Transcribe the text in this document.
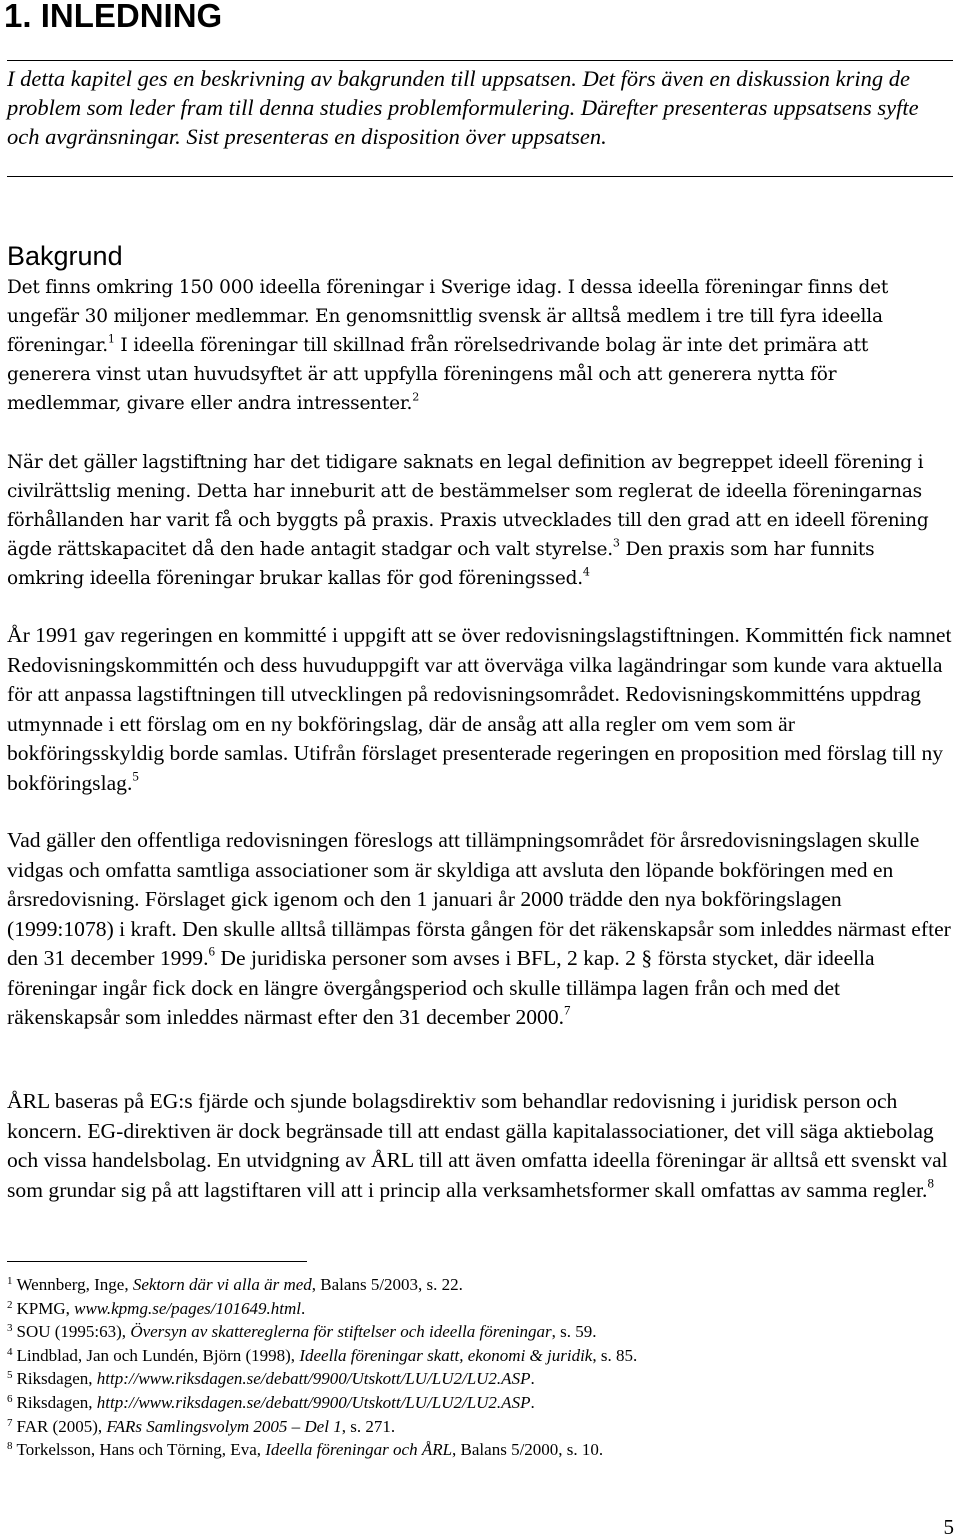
1. INLEDNING

I detta kapitel ges en beskrivning av bakgrunden till uppsatsen. Det förs även en diskussion kring de problem som leder fram till denna studies problemformulering. Därefter presenteras uppsatsens syfte och avgränsningar. Sist presenteras en disposition över uppsatsen.

Bakgrund

Det finns omkring 150 000 ideella föreningar i Sverige idag. I dessa ideella föreningar finns det ungefär 30 miljoner medlemmar. En genomsnittlig svensk är alltså medlem i tre till fyra ideella föreningar.$^1$ I ideella föreningar till skillnad från rörelsedrivande bolag är inte det primära att generera vinst utan huvudsyftet är att uppfylla föreningens mål och att generera nytta för medlemmar, givare eller andra intressenter.$^2$

När det gäller lagstiftning har det tidigare saknats en legal definition av begreppet ideell förening i civilrättslig mening. Detta har inneburit att de bestämmelser som reglerat de ideella föreningarnas förhållanden har varit få och byggts på praxis. Praxis utvecklades till den grad att en ideell förening ägde rättskapacitet då den hade antagit stadgar och valt styrelse.$^3$ Den praxis som har funnits omkring ideella föreningar brukar kallas för god föreningssed.$^4$

År 1991 gav regeringen en kommitté i uppgift att se över redovisningslagstiftningen. Kommittén fick namnet Redovisningskommittén och dess huvuduppgift var att överväga vilka lagändringar som kunde vara aktuella för att anpassa lagstiftningen till utvecklingen på redovisningsområdet. Redovisningskommitténs uppdrag utmynnade i ett förslag om en ny bokföringslag, där de ansåg att alla regler om vem som är bokföringsskyldig borde samlas. Utifrån förslaget presenterade regeringen en proposition med förslag till ny bokföringslag.$^5$

Vad gäller den offentliga redovisningen föreslogs att tillämpningsområdet för årsredovisningslagen skulle vidgas och omfatta samtliga associationer som är skyldiga att avsluta den löpande bokföringen med en årsredovisning. Förslaget gick igenom och den 1 januari år 2000 trädde den nya bokföringslagen (1999:1078) i kraft. Den skulle alltså tillämpas första gången för det räkenskapsår som inleddes närmast efter den 31 december 1999.$^6$ De juridiska personer som avses i BFL, 2 kap. 2 § första stycket, där ideella föreningar ingår fick dock en längre övergångsperiod och skulle tillämpa lagen från och med det räkenskapsår som inleddes närmast efter den 31 december 2000.$^7$

ÅRL baseras på EG:s fjärde och sjunde bolagsdirektiv som behandlar redovisning i juridisk person och koncern. EG-direktiven är dock begränsade till att endast gälla kapitalassociationer, det vill säga aktiebolag och vissa handelsbolag. En utvidgning av ÅRL till att även omfatta ideella föreningar är alltså ett svenskt val som grundar sig på att lagstiftaren vill att i princip alla verksamhetsformer skall omfattas av samma regler.$^8$

$^1$ Wennberg, Inge, Sektorn där vi alla är med, Balans 5/2003, s. 22.
$^2$ KPMG, www.kpmg.se/pages/101649.html.
$^3$ SOU (1995:63), Översyn av skattereglerna för stiftelser och ideella föreningar, s. 59.
$^4$ Lindblad, Jan och Lundén, Björn (1998), Ideella föreningar skatt, ekonomi & juridik, s. 85.
$^5$ Riksdagen, http://www.riksdagen.se/debatt/9900/Utskott/LU/LU2/LU2.ASP.
$^6$ Riksdagen, http://www.riksdagen.se/debatt/9900/Utskott/LU/LU2/LU2.ASP.
$^7$ FAR (2005), FARs Samlingsvolym 2005 – Del 1, s. 271.
$^8$ Torkelsson, Hans och Törning, Eva, Ideella föreningar och ÅRL, Balans 5/2000, s. 10.
5
